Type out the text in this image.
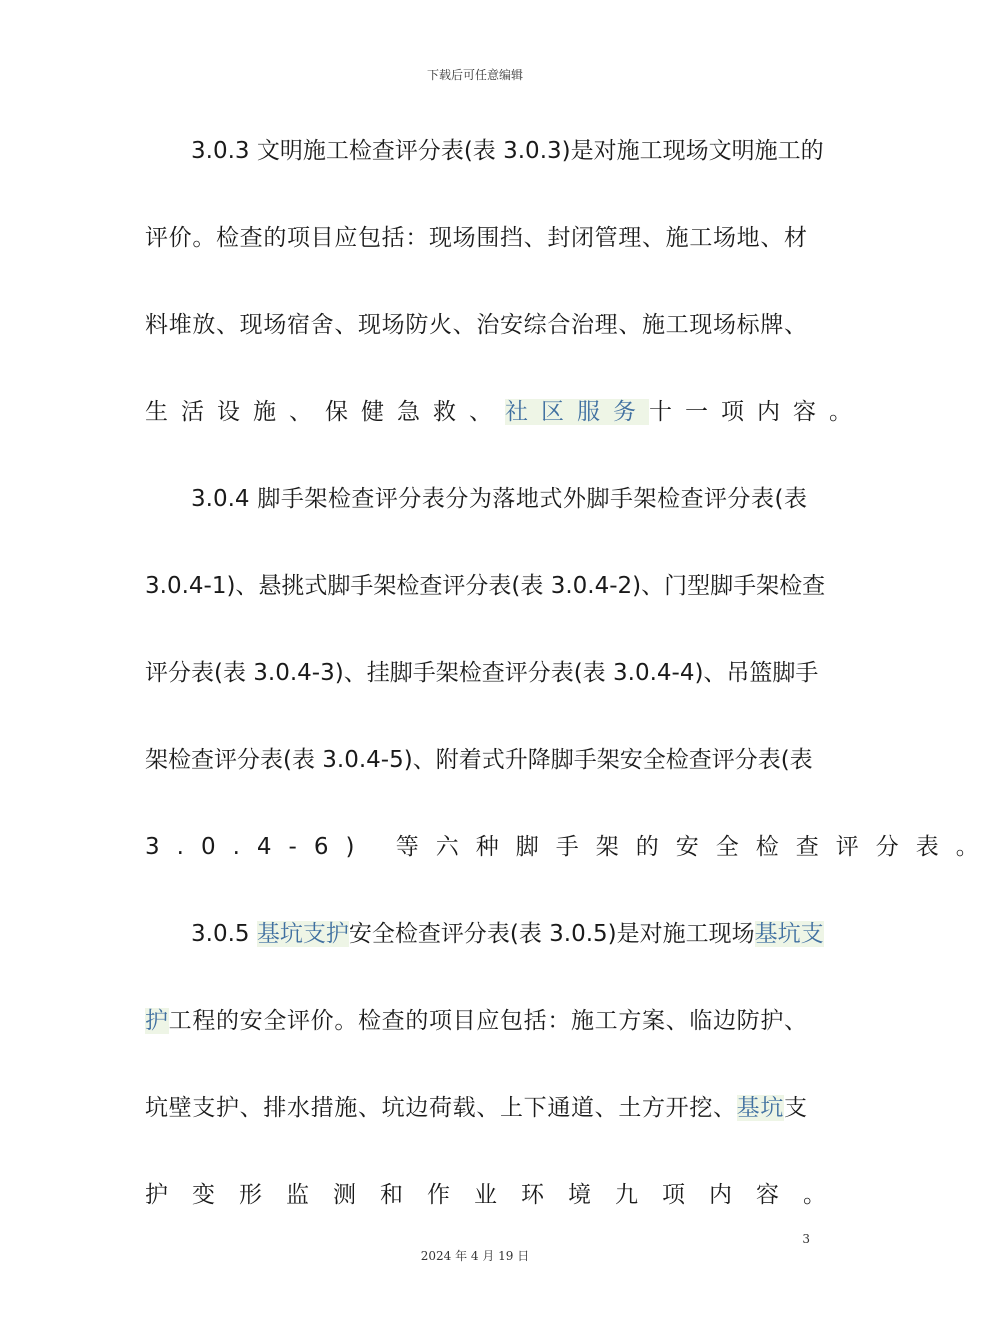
下载后可任意编辑
3.0.3 文明施工检查评分表(表 3.0.3)是对施工现场文明施工的
评价。检查的项目应包括：现场围挡、封闭管理、施工场地、材
料堆放、现场宿舍、现场防火、治安综合治理、施工现场标牌、
生活设施、保健急救、社区服务十一项内容。
3.0.4 脚手架检查评分表分为落地式外脚手架检查评分表(表
3.0.4-1)、悬挑式脚手架检查评分表(表 3.0.4-2)、门型脚手架检查
评分表(表 3.0.4-3)、挂脚手架检查评分表(表 3.0.4-4)、吊篮脚手
架检查评分表(表 3.0.4-5)、附着式升降脚手架安全检查评分表(表
3.0.4-6) 等六种脚手架的安全检查评分表。
3.0.5 基坑支护安全检查评分表(表 3.0.5)是对施工现场基坑支
护工程的安全评价。检查的项目应包括：施工方案、临边防护、
坑壁支护、排水措施、坑边荷载、上下通道、土方开挖、基坑支
护变形监测和作业环境九项内容。
3
2024 年 4 月 19 日
